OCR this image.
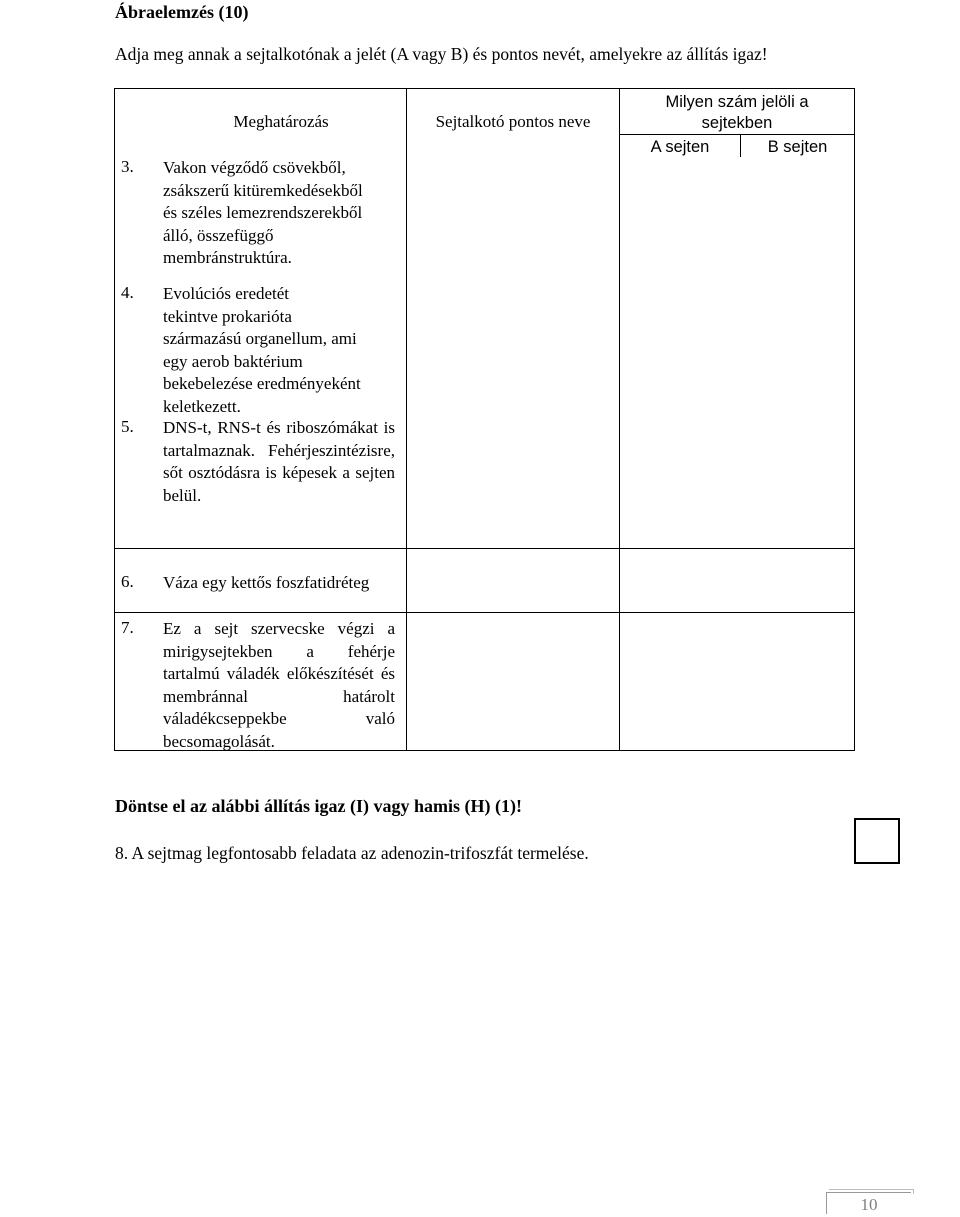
Ábraelemzés (10)
Adja meg annak a sejtalkotónak a jelét (A vagy B) és pontos nevét, amelyekre az állítás igaz!
Meghatározás	Sejtalkotó pontos neve
Milyen szám jelöli a
sejtekben
A sejten	B sejten
3. Vakon végződő csövekből,
zsákszerű kitüremkedésekből
és széles lemezrendszerekből
álló, összefüggő
membránstruktúra.
4. Evolúciós eredetét
tekintve prokarióta
származású organellum, ami
egy aerob baktérium
bekebelezése eredményeként
keletkezett.
5. DNS-t, RNS-t és riboszómákat is tartalmaznak. Fehérjeszintézisre, sőt osztódásra is képesek a sejten belül.
6. Váza egy kettős foszfatidréteg
7. Ez a sejt szervecske végzi a mirigysejtekben a fehérje tartalmú váladék előkészítését és membránnal határolt váladékcseppekbe való becsomagolását.
Döntse el az alábbi állítás igaz (I) vagy hamis (H) (1)!
8. A sejtmag legfontosabb feladata az adenozin-trifoszfát termelése.
10
